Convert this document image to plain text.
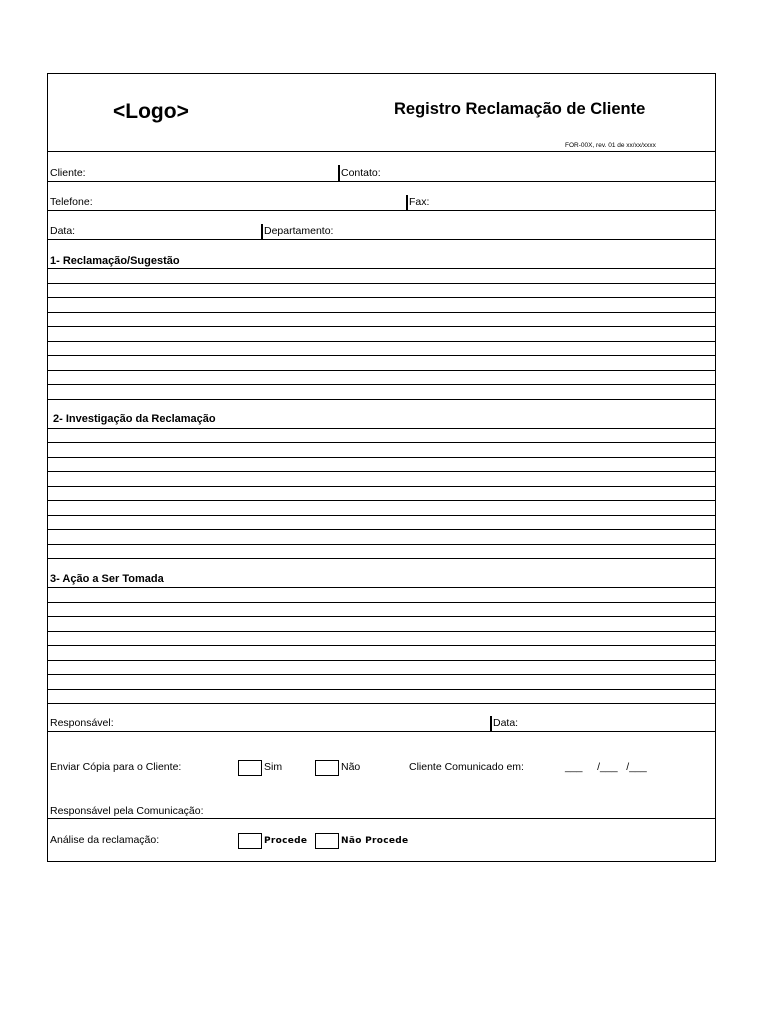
<Logo>	Registro Reclamação de Cliente
FOR-00X, rev. 01 de xx/xx/xxxx
Cliente:	Contato:
Telefone:	Fax:
Data:	Departamento:
1- Reclamação/Sugestão
2- Investigação da Reclamação
3- Ação a Ser Tomada
Responsável:	Data:
Enviar Cópia para o Cliente:	Sim	Não	Cliente Comunicado em:	___     /___   /___
Responsável pela Comunicação:
Análise da reclamação:	Procede	Não Procede
